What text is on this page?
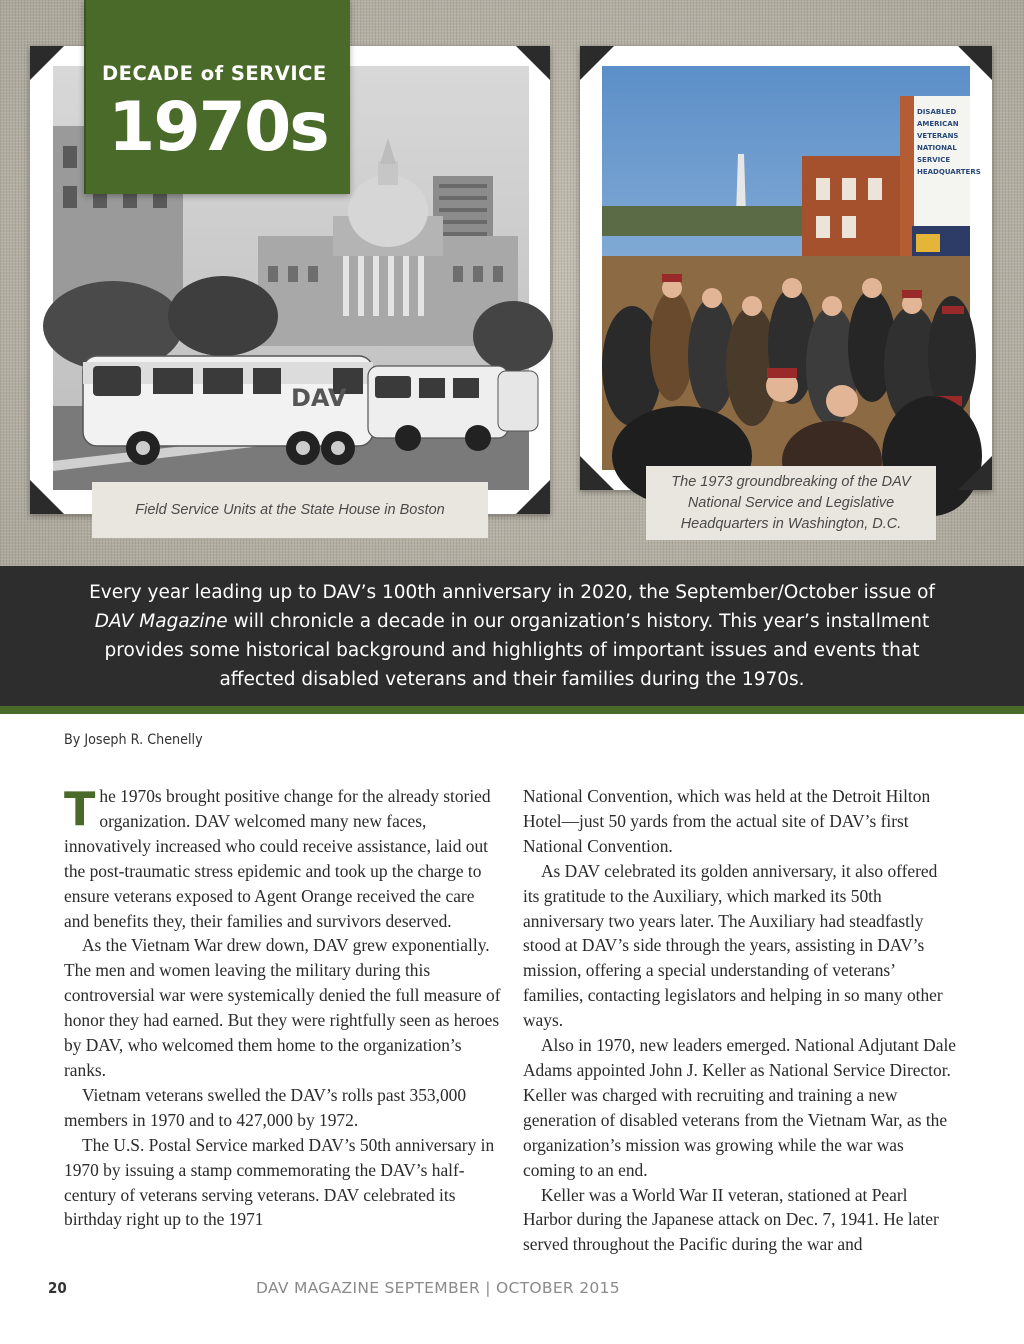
DAV
DISABLED
AMERICAN
VETERANS
NATIONAL
SERVICE
HEADQUARTERS
Field Service Units at the State House in Boston
The 1973 groundbreaking of the DAV National Service and Legislative Headquarters in Washington, D.C.
DECADE of SERVICE
1970s

Every year leading up to DAV’s 100th anniversary in 2020, the September/October issue of DAV Magazine will chronicle a decade in our organization’s history. This year’s installment provides some historical background and highlights of important issues and events that affected disabled veterans and their families during the 1970s.

By Joseph R. Chenelly

The 1970s brought positive change for the already storied organization. DAV welcomed many new faces, innovatively increased who could receive assistance, laid out the post-traumatic stress epidemic and took up the charge to ensure veterans exposed to Agent Orange received the care and benefits they, their families and survivors deserved.

As the Vietnam War drew down, DAV grew exponentially. The men and women leaving the military during this controversial war were systemically denied the full measure of honor they had earned. But they were rightfully seen as heroes by DAV, who welcomed them home to the organization’s ranks.

Vietnam veterans swelled the DAV’s rolls past 353,000 members in 1970 and to 427,000 by 1972.

The U.S. Postal Service marked DAV’s 50th anniversary in 1970 by issuing a stamp commemorating the DAV’s half-century of veterans serving veterans. DAV celebrated its birthday right up to the 1971

National Convention, which was held at the Detroit Hilton Hotel—just 50 yards from the actual site of DAV’s first National Convention.

As DAV celebrated its golden anniversary, it also offered its gratitude to the Auxiliary, which marked its 50th anniversary two years later. The Auxiliary had steadfastly stood at DAV’s side through the years, assisting in DAV’s mission, offering a special understanding of veterans’ families, contacting legislators and helping in so many other ways.

Also in 1970, new leaders emerged. National Adjutant Dale Adams appointed John J. Keller as National Service Director. Keller was charged with recruiting and training a new generation of disabled veterans from the Vietnam War, as the organization’s mission was growing while the war was coming to an end.

Keller was a World War II veteran, stationed at Pearl Harbor during the Japanese attack on Dec. 7, 1941. He later served throughout the Pacific during the war and

20	DAV MAGAZINE SEPTEMBER | OCTOBER 2015
